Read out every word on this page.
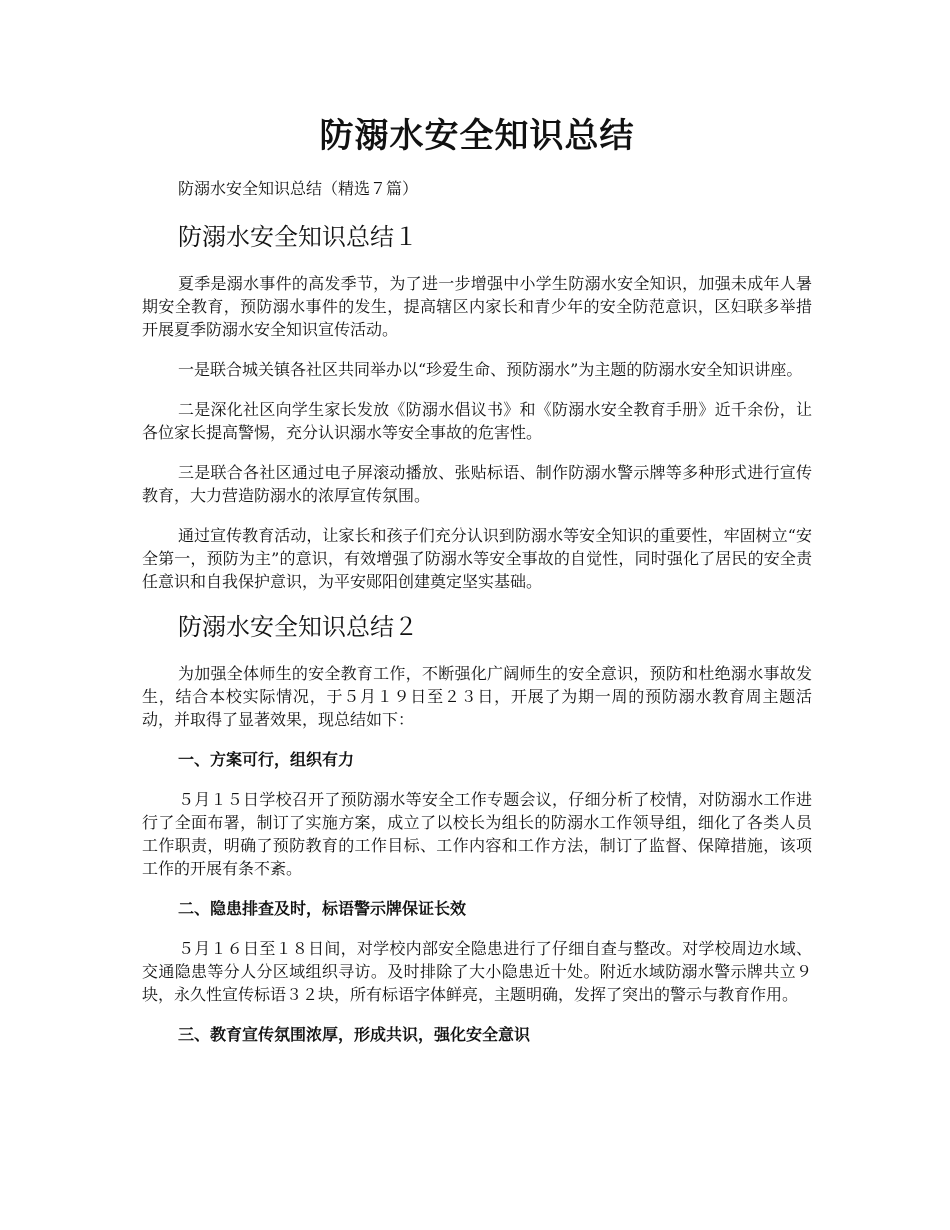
防溺水安全知识总结

防溺水安全知识总结（精选７篇）

防溺水安全知识总结１

夏季是溺水事件的高发季节，为了进一步增强中小学生防溺水安全知识，加强未成年人暑期安全教育，预防溺水事件的发生，提高辖区内家长和青少年的安全防范意识，区妇联多举措开展夏季防溺水安全知识宣传活动。

一是联合城关镇各社区共同举办以“珍爱生命、预防溺水”为主题的防溺水安全知识讲座。

二是深化社区向学生家长发放《防溺水倡议书》和《防溺水安全教育手册》近千余份，让各位家长提高警惕，充分认识溺水等安全事故的危害性。

三是联合各社区通过电子屏滚动播放、张贴标语、制作防溺水警示牌等多种形式进行宣传教育，大力营造防溺水的浓厚宣传氛围。

通过宣传教育活动，让家长和孩子们充分认识到防溺水等安全知识的重要性，牢固树立“安全第一，预防为主”的意识，有效增强了防溺水等安全事故的自觉性，同时强化了居民的安全责任意识和自我保护意识，为平安郧阳创建奠定坚实基础。

防溺水安全知识总结２

为加强全体师生的安全教育工作，不断强化广阔师生的安全意识，预防和杜绝溺水事故发生，结合本校实际情况，于５月１９日至２３日，开展了为期一周的预防溺水教育周主题活动，并取得了显著效果，现总结如下：

一、方案可行，组织有力

５月１５日学校召开了预防溺水等安全工作专题会议，仔细分析了校情，对防溺水工作进行了全面布署，制订了实施方案，成立了以校长为组长的防溺水工作领导组，细化了各类人员工作职责，明确了预防教育的工作目标、工作内容和工作方法，制订了监督、保障措施，该项工作的开展有条不紊。

二、隐患排查及时，标语警示牌保证长效

５月１６日至１８日间，对学校内部安全隐患进行了仔细自查与整改。对学校周边水域、交通隐患等分人分区域组织寻访。及时排除了大小隐患近十处。附近水域防溺水警示牌共立９块，永久性宣传标语３２块，所有标语字体鲜亮，主题明确，发挥了突出的警示与教育作用。

三、教育宣传氛围浓厚，形成共识，强化安全意识
